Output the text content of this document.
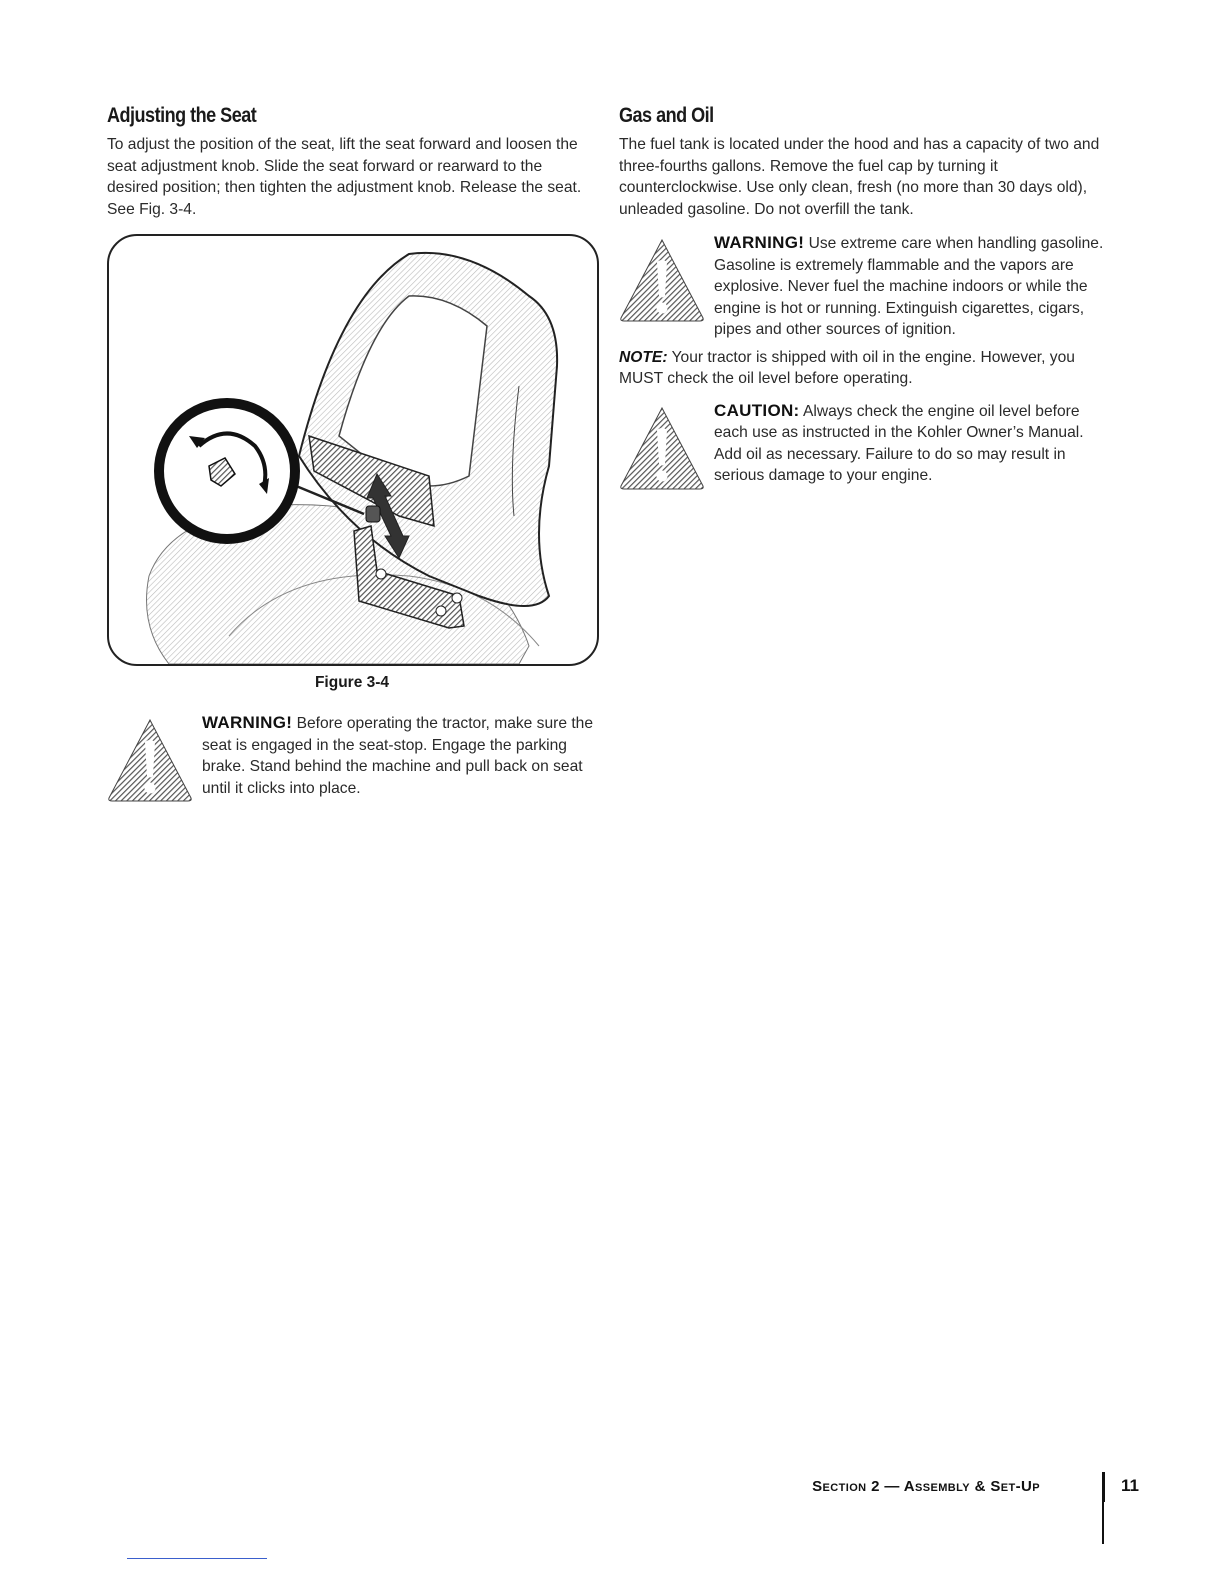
Adjusting the Seat

To adjust the position of the seat, lift the seat forward and loosen the seat adjustment knob. Slide the seat forward or rearward to the desired position; then tighten the adjustment knob. Release the seat. See Fig. 3-4.

Figure 3-4
WARNING! Before operating the tractor, make sure the seat is engaged in the seat-stop. Engage the parking brake. Stand behind the machine and pull back on seat until it clicks into place.
Gas and Oil

The fuel tank is located under the hood and has a capacity of two and three-fourths gallons. Remove the fuel cap by turning it counterclockwise. Use only clean, fresh (no more than 30 days old), unleaded gasoline. Do not overfill the tank.

WARNING! Use extreme care when handling gasoline. Gasoline is extremely flammable and the vapors are explosive. Never fuel the machine indoors or while the engine is hot or running. Extinguish cigarettes, cigars, pipes and other sources of ignition.

NOTE: Your tractor is shipped with oil in the engine. However, you MUST check the oil level before operating.

CAUTION: Always check the engine oil level before each use as instructed in the Kohler Owner’s Manual. Add oil as necessary. Failure to do so may result in serious damage to your engine.
Section 2 — Assembly & Set-Up	11
